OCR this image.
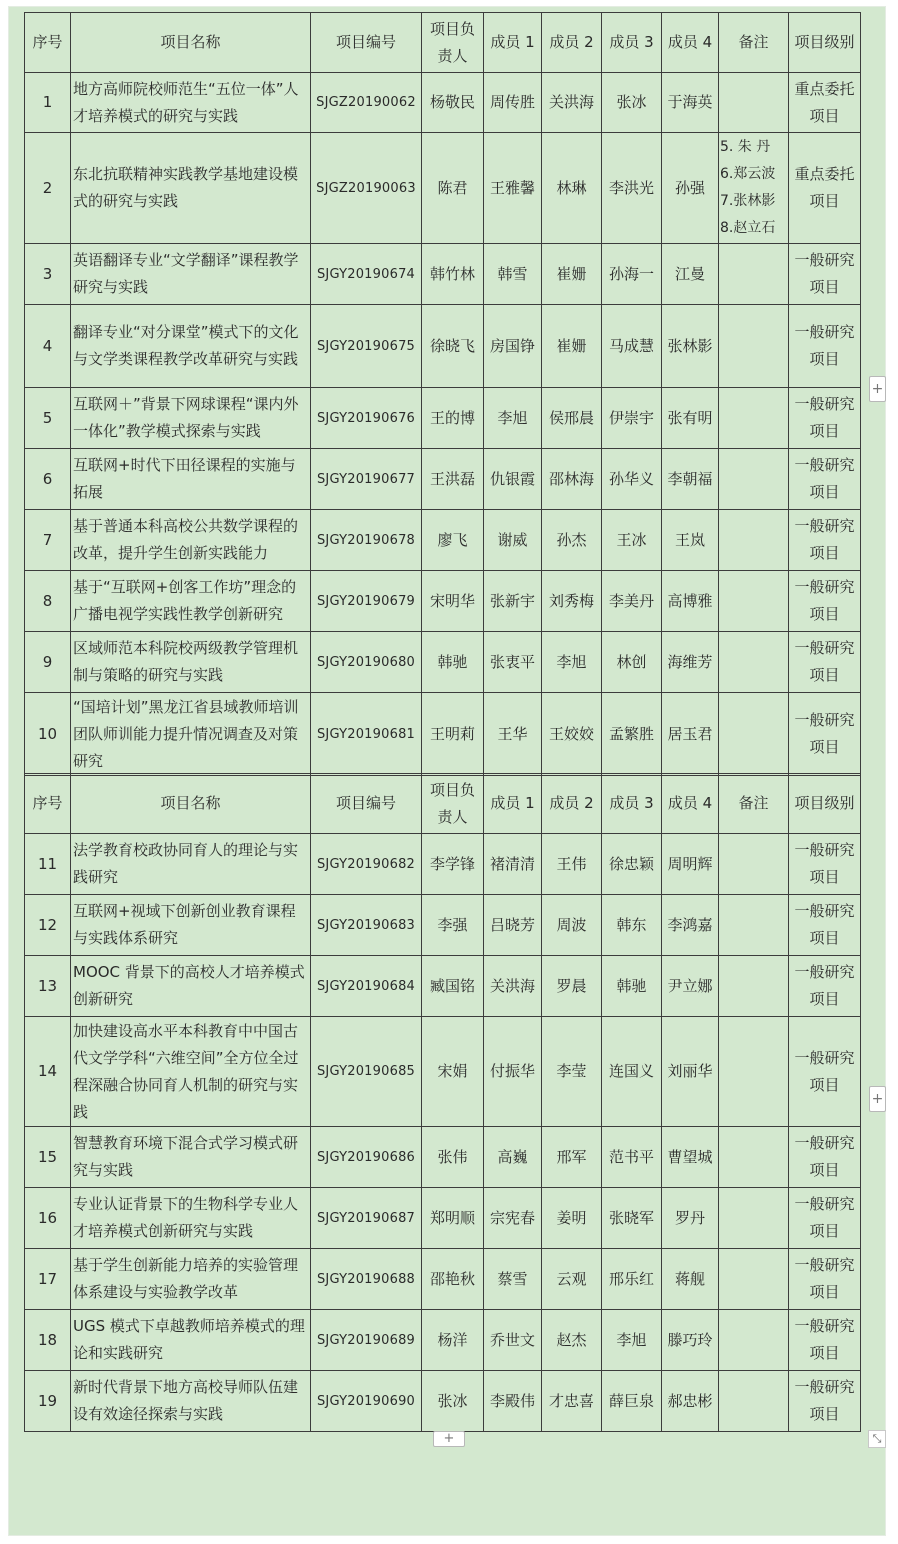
序号	项目名称	项目编号	项目负责人	成员 1	成员 2	成员 3	成员 4	备注	项目级别
1	地方高师院校师范生“五位一体”人才培养模式的研究与实践	SJGZ20190062	杨敬民	周传胜	关洪海	张冰	于海英		重点委托项目
2	东北抗联精神实践教学基地建设模式的研究与实践	SJGZ20190063	陈君	王雅馨	林琳	李洪光	孙强	5. 朱 丹 6.郑云波 7.张林影 8.赵立石	重点委托项目
3	英语翻译专业“文学翻译”课程教学研究与实践	SJGY20190674	韩竹林	韩雪	崔姗	孙海一	江曼		一般研究项目
4	翻译专业“对分课堂”模式下的文化与文学类课程教学改革研究与实践	SJGY20190675	徐晓飞	房国铮	崔姗	马成慧	张林影		一般研究项目
5	互联网＋”背景下网球课程“课内外一体化”教学模式探索与实践	SJGY20190676	王的博	李旭	侯邢晨	伊崇宇	张有明		一般研究项目
6	互联网+时代下田径课程的实施与拓展	SJGY20190677	王洪磊	仇银霞	邵林海	孙华义	李朝福		一般研究项目
7	基于普通本科高校公共数学课程的改革，提升学生创新实践能力	SJGY20190678	廖飞	谢威	孙杰	王冰	王岚		一般研究项目
8	基于“互联网+创客工作坊”理念的广播电视学实践性教学创新研究	SJGY20190679	宋明华	张新宇	刘秀梅	李美丹	高博雅		一般研究项目
9	区域师范本科院校两级教学管理机制与策略的研究与实践	SJGY20190680	韩驰	张衷平	李旭	林创	海维芳		一般研究项目
10	“国培计划”黑龙江省县域教师培训团队师训能力提升情况调查及对策研究	SJGY20190681	王明莉	王华	王姣姣	孟繁胜	居玉君		一般研究项目
序号	项目名称	项目编号	项目负责人	成员 1	成员 2	成员 3	成员 4	备注	项目级别
11	法学教育校政协同育人的理论与实践研究	SJGY20190682	李学锋	褚清清	王伟	徐忠颖	周明辉		一般研究项目
12	互联网+视域下创新创业教育课程与实践体系研究	SJGY20190683	李强	吕晓芳	周波	韩东	李鸿嘉		一般研究项目
13	MOOC 背景下的高校人才培养模式创新研究	SJGY20190684	臧国铭	关洪海	罗晨	韩驰	尹立娜		一般研究项目
14	加快建设高水平本科教育中中国古代文学学科“六维空间”全方位全过程深融合协同育人机制的研究与实践	SJGY20190685	宋娟	付振华	李莹	连国义	刘丽华		一般研究项目
15	智慧教育环境下混合式学习模式研究与实践	SJGY20190686	张伟	高巍	邢军	范书平	曹望城		一般研究项目
16	专业认证背景下的生物科学专业人才培养模式创新研究与实践	SJGY20190687	郑明顺	宗宪春	姜明	张晓军	罗丹		一般研究项目
17	基于学生创新能力培养的实验管理体系建设与实验教学改革	SJGY20190688	邵艳秋	蔡雪	云观	邢乐红	蒋舰		一般研究项目
18	UGS 模式下卓越教师培养模式的理论和实践研究	SJGY20190689	杨洋	乔世文	赵杰	李旭	滕巧玲		一般研究项目
19	新时代背景下地方高校导师队伍建设有效途径探索与实践	SJGY20190690	张冰	李殿伟	才忠喜	薛巨泉	郝忠彬		一般研究项目
+
+
+	⤡
